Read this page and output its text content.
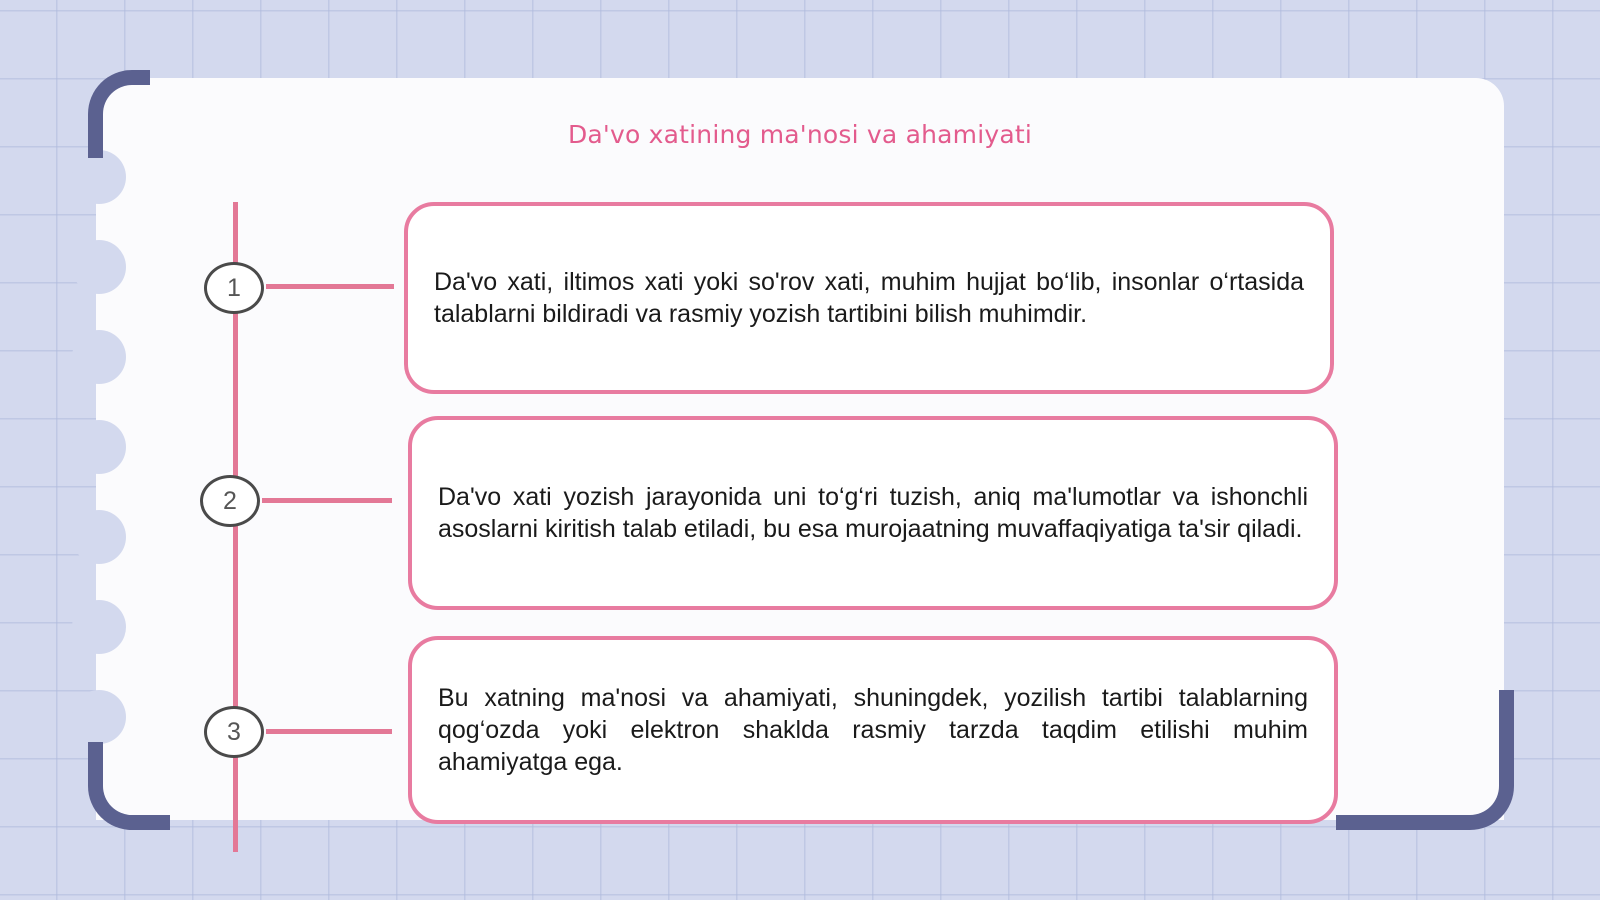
Da'vo xatining ma'nosi va ahamiyati
1
2
3
Da'vo xati, iltimos xati yoki so'rov xati, muhim hujjat bo‘lib, insonlar o‘rtasida talablarni bildiradi va rasmiy yozish tartibini bilish muhimdir.
Da'vo xati yozish jarayonida uni to‘g‘ri tuzish, aniq ma'lumotlar va ishonchli asoslarni kiritish talab etiladi, bu esa murojaatning muvaffaqiyatiga ta'sir qiladi.
Bu xatning ma'nosi va ahamiyati, shuningdek, yozilish tartibi talablarning qog‘ozda yoki elektron shaklda rasmiy tarzda taqdim etilishi muhim ahamiyatga ega.
